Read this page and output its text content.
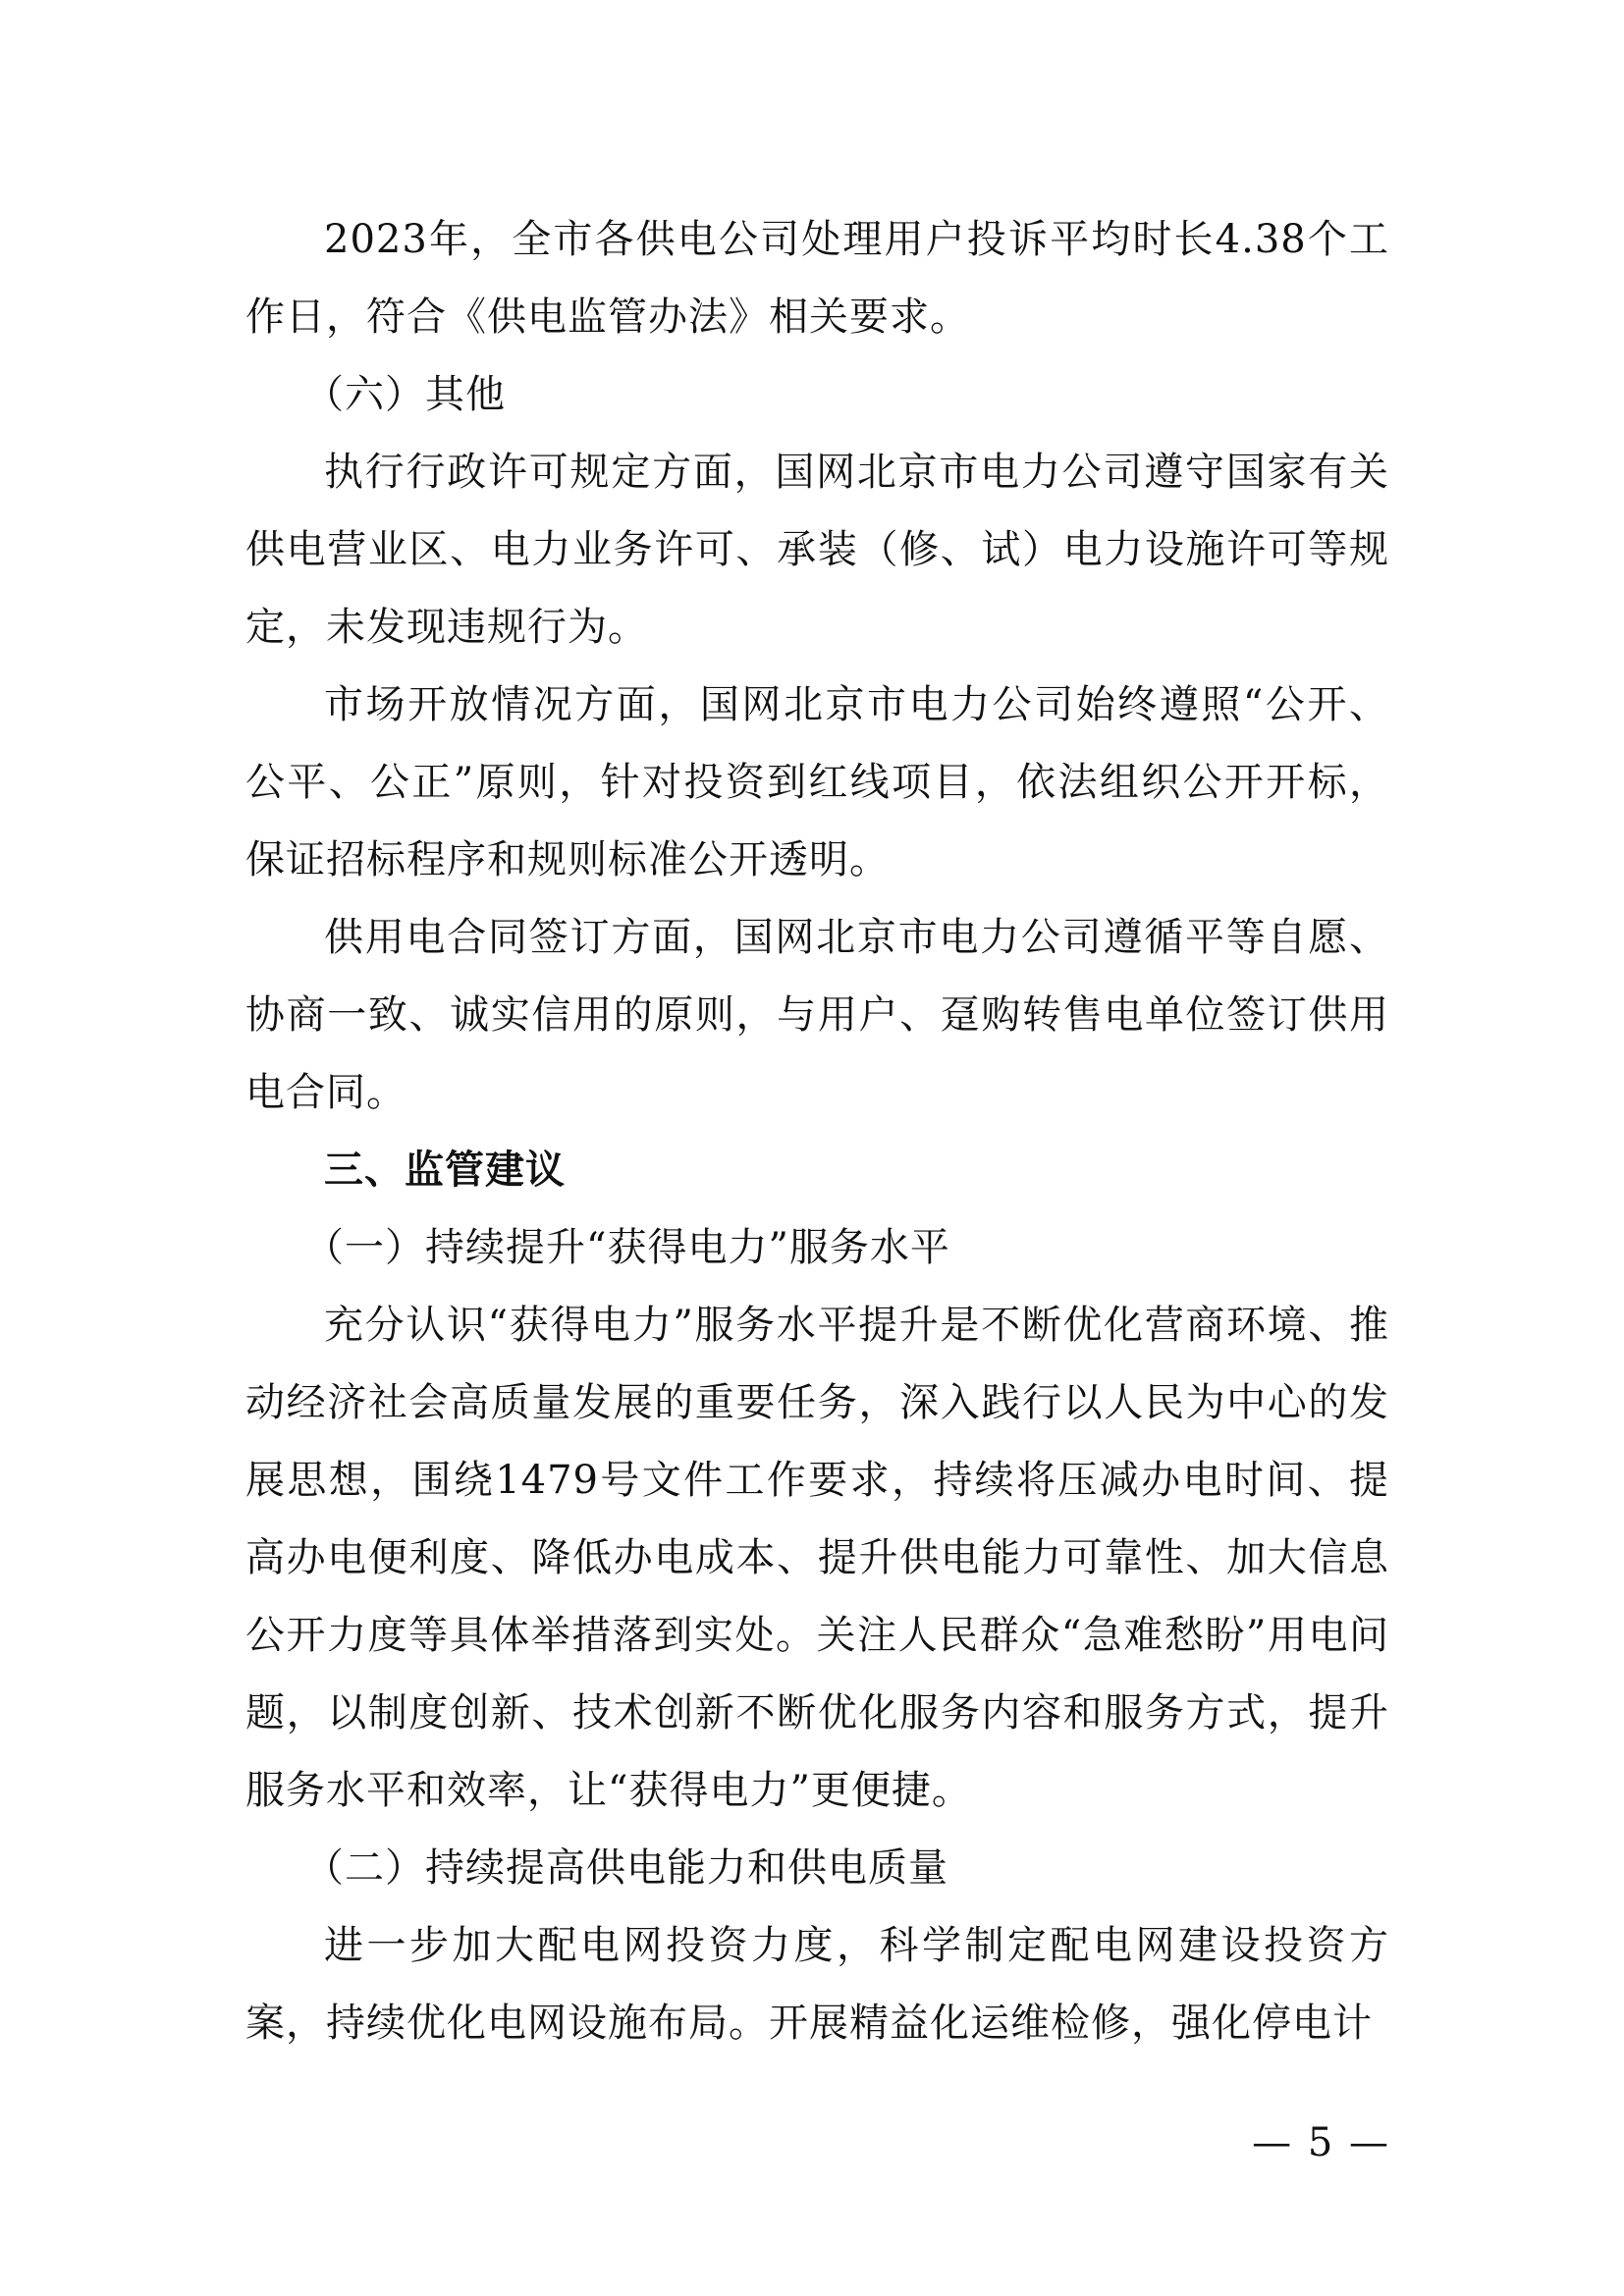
2023年，全市各供电公司处理用户投诉平均时长4.38个工作日，符合《供电监管办法》相关要求。

（六）其他

执行行政许可规定方面，国网北京市电力公司遵守国家有关供电营业区、电力业务许可、承装（修、试）电力设施许可等规定，未发现违规行为。

市场开放情况方面，国网北京市电力公司始终遵照“公开、公平、公正”原则，针对投资到红线项目，依法组织公开开标，保证招标程序和规则标准公开透明。

供用电合同签订方面，国网北京市电力公司遵循平等自愿、协商一致、诚实信用的原则，与用户、趸购转售电单位签订供用电合同。

三、监管建议

（一）持续提升“获得电力”服务水平

充分认识“获得电力”服务水平提升是不断优化营商环境、推动经济社会高质量发展的重要任务，深入践行以人民为中心的发展思想，围绕1479号文件工作要求，持续将压减办电时间、提高办电便利度、降低办电成本、提升供电能力可靠性、加大信息公开力度等具体举措落到实处。关注人民群众“急难愁盼”用电问题，以制度创新、技术创新不断优化服务内容和服务方式，提升服务水平和效率，让“获得电力”更便捷。

（二）持续提高供电能力和供电质量

进一步加大配电网投资力度，科学制定配电网建设投资方案，持续优化电网设施布局。开展精益化运维检修，强化停电计

— 5 —
